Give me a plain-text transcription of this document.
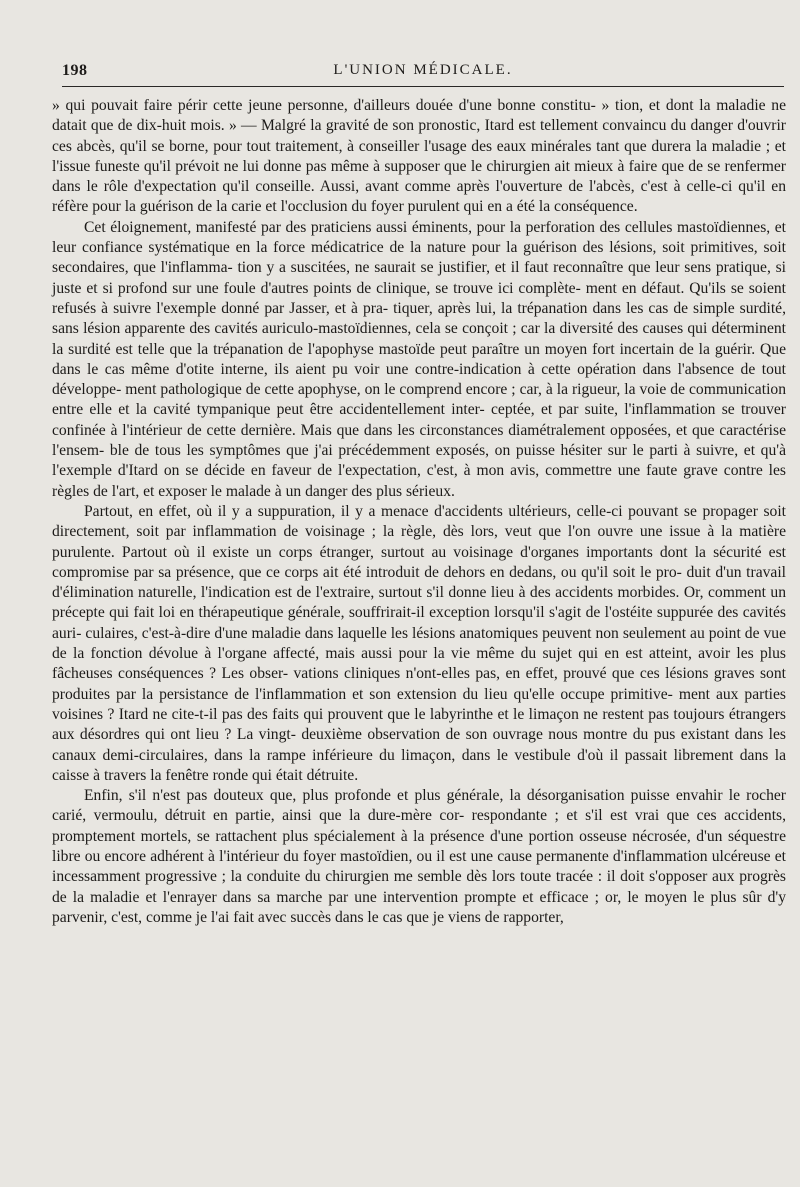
198	L'UNION MÉDICALE.

» qui pouvait faire périr cette jeune personne, d'ailleurs douée d'une bonne constitu- » tion, et dont la maladie ne datait que de dix-huit mois. » — Malgré la gravité de son pronostic, Itard est tellement convaincu du danger d'ouvrir ces abcès, qu'il se borne, pour tout traitement, à conseiller l'usage des eaux minérales tant que durera la maladie ; et l'issue funeste qu'il prévoit ne lui donne pas même à supposer que le chirurgien ait mieux à faire que de se renfermer dans le rôle d'expectation qu'il conseille. Aussi, avant comme après l'ouverture de l'abcès, c'est à celle-ci qu'il en réfère pour la guérison de la carie et l'occlusion du foyer purulent qui en a été la conséquence.

Cet éloignement, manifesté par des praticiens aussi éminents, pour la perforation des cellules mastoïdiennes, et leur confiance systématique en la force médicatrice de la nature pour la guérison des lésions, soit primitives, soit secondaires, que l'inflamma- tion y a suscitées, ne saurait se justifier, et il faut reconnaître que leur sens pratique, si juste et si profond sur une foule d'autres points de clinique, se trouve ici complète- ment en défaut. Qu'ils se soient refusés à suivre l'exemple donné par Jasser, et à pra- tiquer, après lui, la trépanation dans les cas de simple surdité, sans lésion apparente des cavités auriculo-mastoïdiennes, cela se conçoit ; car la diversité des causes qui déterminent la surdité est telle que la trépanation de l'apophyse mastoïde peut paraître un moyen fort incertain de la guérir. Que dans le cas même d'otite interne, ils aient pu voir une contre-indication à cette opération dans l'absence de tout développe- ment pathologique de cette apophyse, on le comprend encore ; car, à la rigueur, la voie de communication entre elle et la cavité tympanique peut être accidentellement inter- ceptée, et par suite, l'inflammation se trouver confinée à l'intérieur de cette dernière. Mais que dans les circonstances diamétralement opposées, et que caractérise l'ensem- ble de tous les symptômes que j'ai précédemment exposés, on puisse hésiter sur le parti à suivre, et qu'à l'exemple d'Itard on se décide en faveur de l'expectation, c'est, à mon avis, commettre une faute grave contre les règles de l'art, et exposer le malade à un danger des plus sérieux.

Partout, en effet, où il y a suppuration, il y a menace d'accidents ultérieurs, celle-ci pouvant se propager soit directement, soit par inflammation de voisinage ; la règle, dès lors, veut que l'on ouvre une issue à la matière purulente. Partout où il existe un corps étranger, surtout au voisinage d'organes importants dont la sécurité est compromise par sa présence, que ce corps ait été introduit de dehors en dedans, ou qu'il soit le pro- duit d'un travail d'élimination naturelle, l'indication est de l'extraire, surtout s'il donne lieu à des accidents morbides. Or, comment un précepte qui fait loi en thérapeutique générale, souffrirait-il exception lorsqu'il s'agit de l'ostéite suppurée des cavités auri- culaires, c'est-à-dire d'une maladie dans laquelle les lésions anatomiques peuvent non seulement au point de vue de la fonction dévolue à l'organe affecté, mais aussi pour la vie même du sujet qui en est atteint, avoir les plus fâcheuses conséquences ? Les obser- vations cliniques n'ont-elles pas, en effet, prouvé que ces lésions graves sont produites par la persistance de l'inflammation et son extension du lieu qu'elle occupe primitive- ment aux parties voisines ? Itard ne cite-t-il pas des faits qui prouvent que le labyrinthe et le limaçon ne restent pas toujours étrangers aux désordres qui ont lieu ? La vingt- deuxième observation de son ouvrage nous montre du pus existant dans les canaux demi-circulaires, dans la rampe inférieure du limaçon, dans le vestibule d'où il passait librement dans la caisse à travers la fenêtre ronde qui était détruite.

Enfin, s'il n'est pas douteux que, plus profonde et plus générale, la désorganisation puisse envahir le rocher carié, vermoulu, détruit en partie, ainsi que la dure-mère cor- respondante ; et s'il est vrai que ces accidents, promptement mortels, se rattachent plus spécialement à la présence d'une portion osseuse nécrosée, d'un séquestre libre ou encore adhérent à l'intérieur du foyer mastoïdien, ou il est une cause permanente d'inflammation ulcéreuse et incessamment progressive ; la conduite du chirurgien me semble dès lors toute tracée : il doit s'opposer aux progrès de la maladie et l'enrayer dans sa marche par une intervention prompte et efficace ; or, le moyen le plus sûr d'y parvenir, c'est, comme je l'ai fait avec succès dans le cas que je viens de rapporter,
